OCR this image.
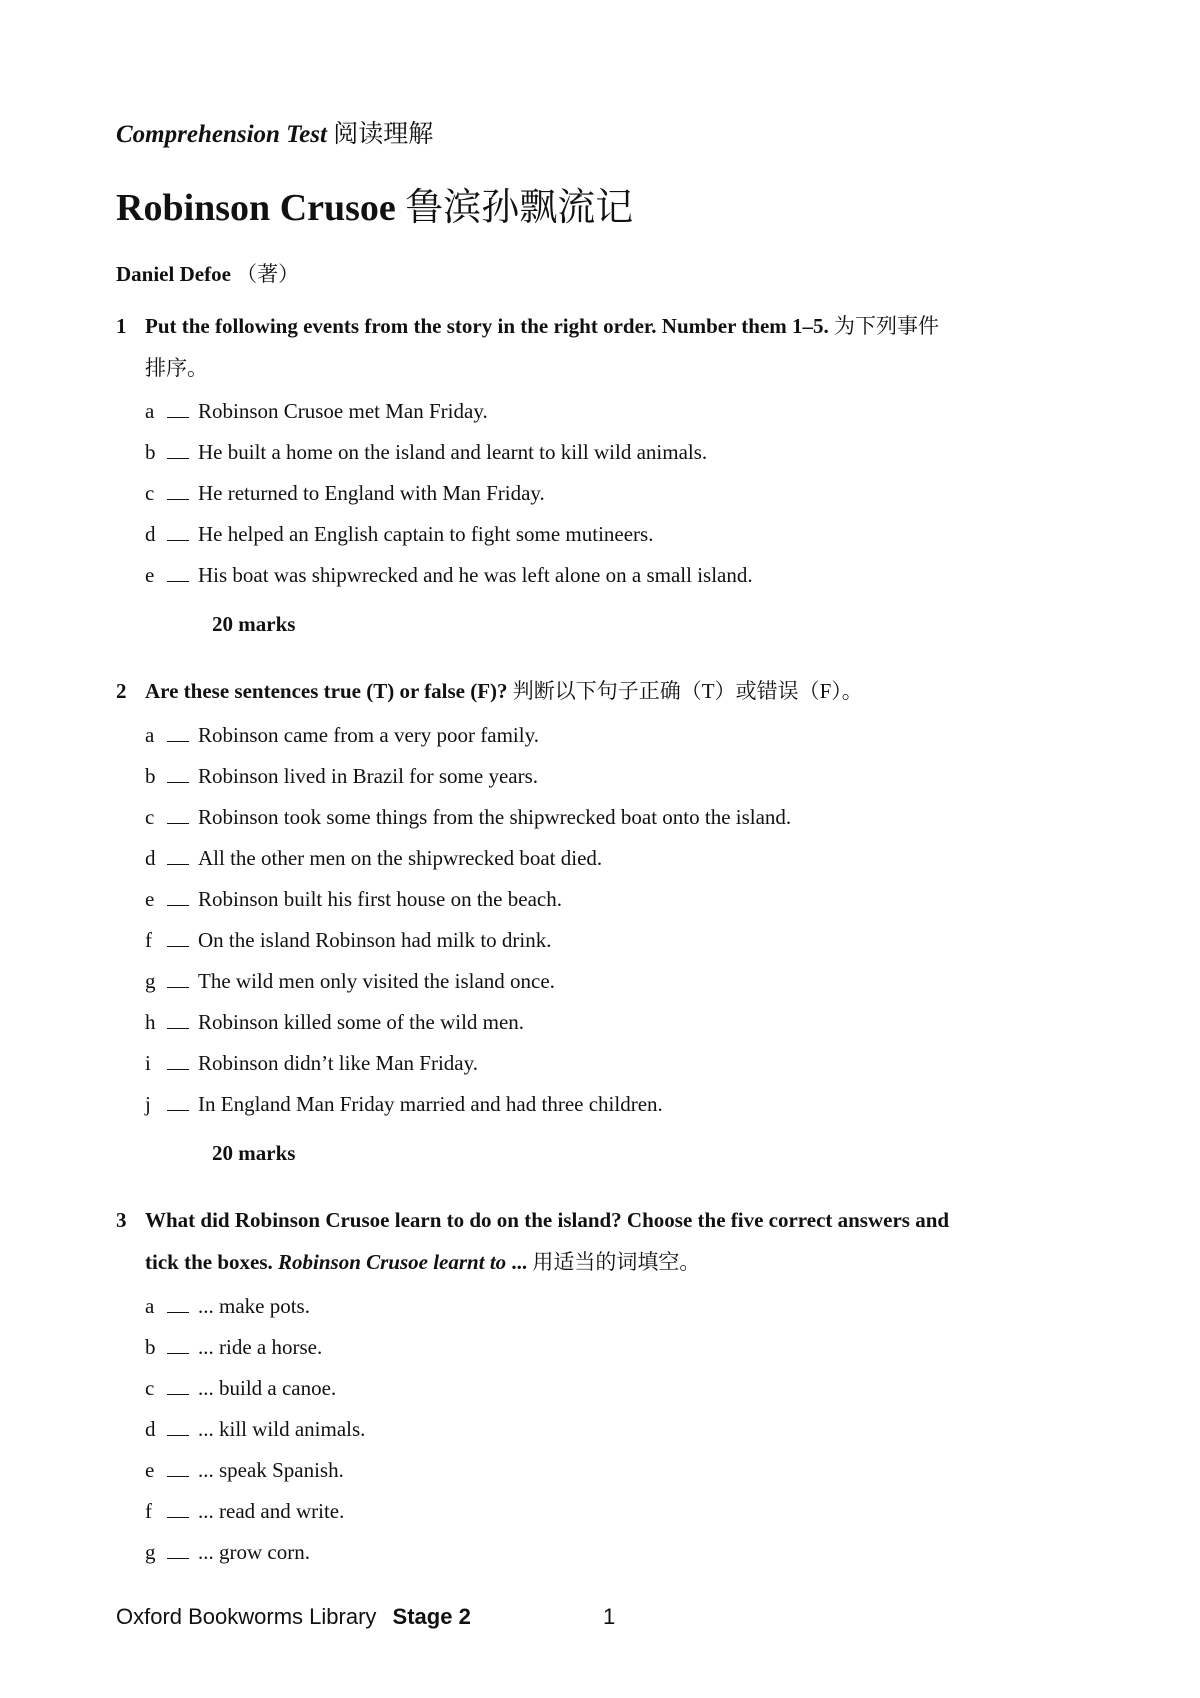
Comprehension Test 阅读理解
Robinson Crusoe 鲁滨孙飘流记
Daniel Defoe （著）
1 Put the following events from the story in the right order. Number them 1–5. 为下列事件
排序。
a Robinson Crusoe met Man Friday.
b He built a home on the island and learnt to kill wild animals.
c He returned to England with Man Friday.
d He helped an English captain to fight some mutineers.
e His boat was shipwrecked and he was left alone on a small island.
20 marks
2 Are these sentences true (T) or false (F)? 判断以下句子正确（T）或错误（F）。
a Robinson came from a very poor family.
b Robinson lived in Brazil for some years.
c Robinson took some things from the shipwrecked boat onto the island.
d All the other men on the shipwrecked boat died.
e Robinson built his first house on the beach.
f On the island Robinson had milk to drink.
g The wild men only visited the island once.
h Robinson killed some of the wild men.
i Robinson didn’t like Man Friday.
j In England Man Friday married and had three children.
20 marks
3 What did Robinson Crusoe learn to do on the island? Choose the five correct answers and
tick the boxes. Robinson Crusoe learnt to ... 用适当的词填空。
a ... make pots.
b ... ride a horse.
c ... build a canoe.
d ... kill wild animals.
e ... speak Spanish.
f ... read and write.
g ... grow corn.
Oxford Bookworms Library Stage 2	1
